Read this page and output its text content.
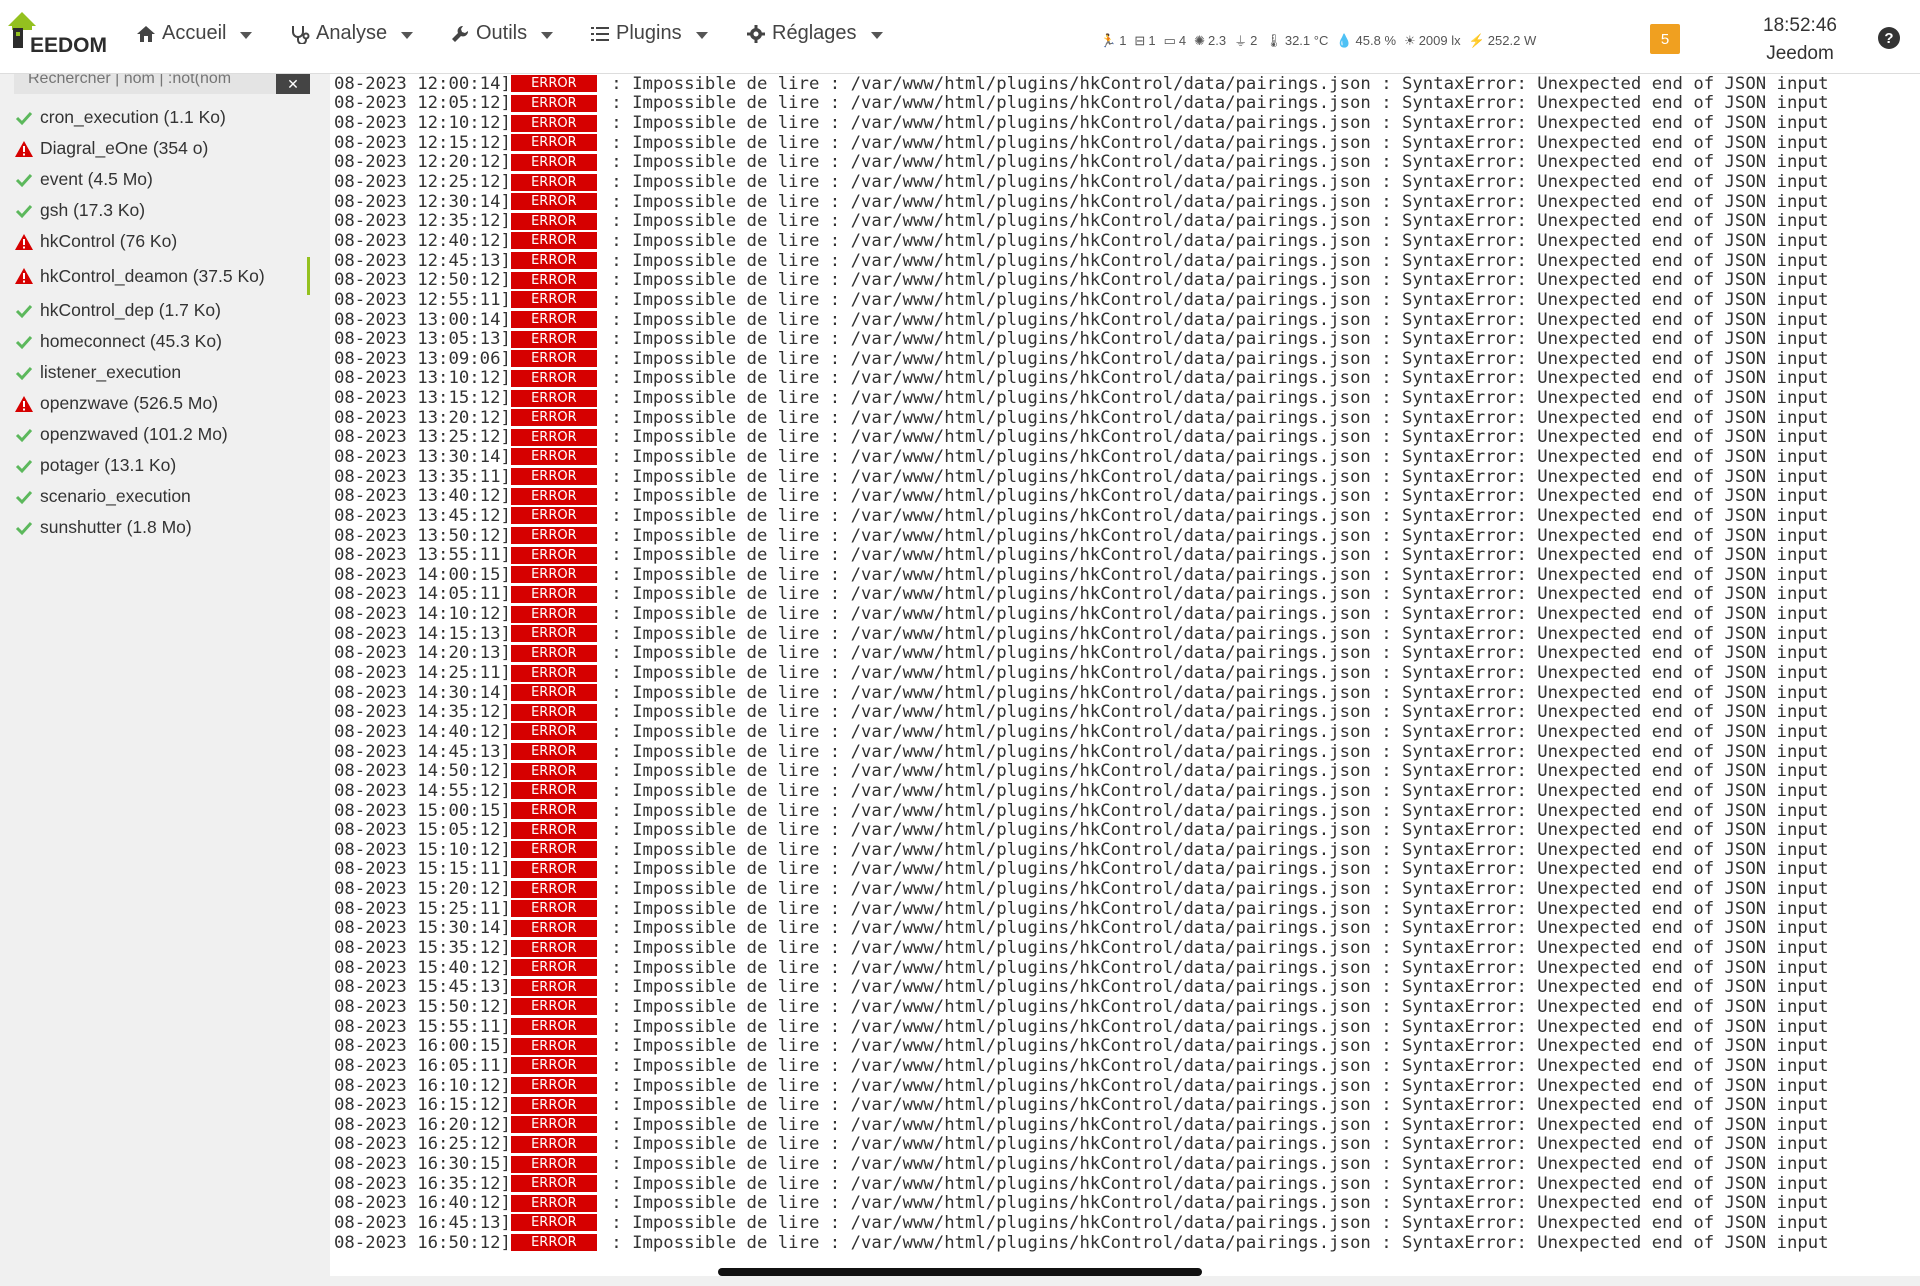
EEDOM
Accueil	Analyse	Outils	Plugins	Réglages	🏃 1 ⊟ 1 ▭ 4 ✺ 2.3 ⏚ 2 🌡 32.1 °C 💧 45.8 % ☀ 2009 lx ⚡ 252.2 W	5
18:52:46
Jeedom
?
Rechercher | nom | :not(nom
✕
cron_execution (1.1 Ko)
Diagral_eOne (354 o)
event (4.5 Mo)
gsh (17.3 Ko)
hkControl (76 Ko)
hkControl_deamon (37.5 Ko)
hkControl_dep (1.7 Ko)
homeconnect (45.3 Ko)
listener_execution
openzwave (526.5 Mo)
openzwaved (101.2 Mo)
potager (13.1 Ko)
scenario_execution
sunshutter (1.8 Mo)
08-2023 12:00:14]	ERROR	: Impossible de lire : /var/www/html/plugins/hkControl/data/pairings.json : SyntaxError: Unexpected end of JSON input
08-2023 12:05:12]	ERROR	: Impossible de lire : /var/www/html/plugins/hkControl/data/pairings.json : SyntaxError: Unexpected end of JSON input
08-2023 12:10:12]	ERROR	: Impossible de lire : /var/www/html/plugins/hkControl/data/pairings.json : SyntaxError: Unexpected end of JSON input
08-2023 12:15:12]	ERROR	: Impossible de lire : /var/www/html/plugins/hkControl/data/pairings.json : SyntaxError: Unexpected end of JSON input
08-2023 12:20:12]	ERROR	: Impossible de lire : /var/www/html/plugins/hkControl/data/pairings.json : SyntaxError: Unexpected end of JSON input
08-2023 12:25:12]	ERROR	: Impossible de lire : /var/www/html/plugins/hkControl/data/pairings.json : SyntaxError: Unexpected end of JSON input
08-2023 12:30:14]	ERROR	: Impossible de lire : /var/www/html/plugins/hkControl/data/pairings.json : SyntaxError: Unexpected end of JSON input
08-2023 12:35:12]	ERROR	: Impossible de lire : /var/www/html/plugins/hkControl/data/pairings.json : SyntaxError: Unexpected end of JSON input
08-2023 12:40:12]	ERROR	: Impossible de lire : /var/www/html/plugins/hkControl/data/pairings.json : SyntaxError: Unexpected end of JSON input
08-2023 12:45:13]	ERROR	: Impossible de lire : /var/www/html/plugins/hkControl/data/pairings.json : SyntaxError: Unexpected end of JSON input
08-2023 12:50:12]	ERROR	: Impossible de lire : /var/www/html/plugins/hkControl/data/pairings.json : SyntaxError: Unexpected end of JSON input
08-2023 12:55:11]	ERROR	: Impossible de lire : /var/www/html/plugins/hkControl/data/pairings.json : SyntaxError: Unexpected end of JSON input
08-2023 13:00:14]	ERROR	: Impossible de lire : /var/www/html/plugins/hkControl/data/pairings.json : SyntaxError: Unexpected end of JSON input
08-2023 13:05:13]	ERROR	: Impossible de lire : /var/www/html/plugins/hkControl/data/pairings.json : SyntaxError: Unexpected end of JSON input
08-2023 13:09:06]	ERROR	: Impossible de lire : /var/www/html/plugins/hkControl/data/pairings.json : SyntaxError: Unexpected end of JSON input
08-2023 13:10:12]	ERROR	: Impossible de lire : /var/www/html/plugins/hkControl/data/pairings.json : SyntaxError: Unexpected end of JSON input
08-2023 13:15:12]	ERROR	: Impossible de lire : /var/www/html/plugins/hkControl/data/pairings.json : SyntaxError: Unexpected end of JSON input
08-2023 13:20:12]	ERROR	: Impossible de lire : /var/www/html/plugins/hkControl/data/pairings.json : SyntaxError: Unexpected end of JSON input
08-2023 13:25:12]	ERROR	: Impossible de lire : /var/www/html/plugins/hkControl/data/pairings.json : SyntaxError: Unexpected end of JSON input
08-2023 13:30:14]	ERROR	: Impossible de lire : /var/www/html/plugins/hkControl/data/pairings.json : SyntaxError: Unexpected end of JSON input
08-2023 13:35:11]	ERROR	: Impossible de lire : /var/www/html/plugins/hkControl/data/pairings.json : SyntaxError: Unexpected end of JSON input
08-2023 13:40:12]	ERROR	: Impossible de lire : /var/www/html/plugins/hkControl/data/pairings.json : SyntaxError: Unexpected end of JSON input
08-2023 13:45:12]	ERROR	: Impossible de lire : /var/www/html/plugins/hkControl/data/pairings.json : SyntaxError: Unexpected end of JSON input
08-2023 13:50:12]	ERROR	: Impossible de lire : /var/www/html/plugins/hkControl/data/pairings.json : SyntaxError: Unexpected end of JSON input
08-2023 13:55:11]	ERROR	: Impossible de lire : /var/www/html/plugins/hkControl/data/pairings.json : SyntaxError: Unexpected end of JSON input
08-2023 14:00:15]	ERROR	: Impossible de lire : /var/www/html/plugins/hkControl/data/pairings.json : SyntaxError: Unexpected end of JSON input
08-2023 14:05:11]	ERROR	: Impossible de lire : /var/www/html/plugins/hkControl/data/pairings.json : SyntaxError: Unexpected end of JSON input
08-2023 14:10:12]	ERROR	: Impossible de lire : /var/www/html/plugins/hkControl/data/pairings.json : SyntaxError: Unexpected end of JSON input
08-2023 14:15:13]	ERROR	: Impossible de lire : /var/www/html/plugins/hkControl/data/pairings.json : SyntaxError: Unexpected end of JSON input
08-2023 14:20:13]	ERROR	: Impossible de lire : /var/www/html/plugins/hkControl/data/pairings.json : SyntaxError: Unexpected end of JSON input
08-2023 14:25:11]	ERROR	: Impossible de lire : /var/www/html/plugins/hkControl/data/pairings.json : SyntaxError: Unexpected end of JSON input
08-2023 14:30:14]	ERROR	: Impossible de lire : /var/www/html/plugins/hkControl/data/pairings.json : SyntaxError: Unexpected end of JSON input
08-2023 14:35:12]	ERROR	: Impossible de lire : /var/www/html/plugins/hkControl/data/pairings.json : SyntaxError: Unexpected end of JSON input
08-2023 14:40:12]	ERROR	: Impossible de lire : /var/www/html/plugins/hkControl/data/pairings.json : SyntaxError: Unexpected end of JSON input
08-2023 14:45:13]	ERROR	: Impossible de lire : /var/www/html/plugins/hkControl/data/pairings.json : SyntaxError: Unexpected end of JSON input
08-2023 14:50:12]	ERROR	: Impossible de lire : /var/www/html/plugins/hkControl/data/pairings.json : SyntaxError: Unexpected end of JSON input
08-2023 14:55:12]	ERROR	: Impossible de lire : /var/www/html/plugins/hkControl/data/pairings.json : SyntaxError: Unexpected end of JSON input
08-2023 15:00:15]	ERROR	: Impossible de lire : /var/www/html/plugins/hkControl/data/pairings.json : SyntaxError: Unexpected end of JSON input
08-2023 15:05:12]	ERROR	: Impossible de lire : /var/www/html/plugins/hkControl/data/pairings.json : SyntaxError: Unexpected end of JSON input
08-2023 15:10:12]	ERROR	: Impossible de lire : /var/www/html/plugins/hkControl/data/pairings.json : SyntaxError: Unexpected end of JSON input
08-2023 15:15:11]	ERROR	: Impossible de lire : /var/www/html/plugins/hkControl/data/pairings.json : SyntaxError: Unexpected end of JSON input
08-2023 15:20:12]	ERROR	: Impossible de lire : /var/www/html/plugins/hkControl/data/pairings.json : SyntaxError: Unexpected end of JSON input
08-2023 15:25:11]	ERROR	: Impossible de lire : /var/www/html/plugins/hkControl/data/pairings.json : SyntaxError: Unexpected end of JSON input
08-2023 15:30:14]	ERROR	: Impossible de lire : /var/www/html/plugins/hkControl/data/pairings.json : SyntaxError: Unexpected end of JSON input
08-2023 15:35:12]	ERROR	: Impossible de lire : /var/www/html/plugins/hkControl/data/pairings.json : SyntaxError: Unexpected end of JSON input
08-2023 15:40:12]	ERROR	: Impossible de lire : /var/www/html/plugins/hkControl/data/pairings.json : SyntaxError: Unexpected end of JSON input
08-2023 15:45:13]	ERROR	: Impossible de lire : /var/www/html/plugins/hkControl/data/pairings.json : SyntaxError: Unexpected end of JSON input
08-2023 15:50:12]	ERROR	: Impossible de lire : /var/www/html/plugins/hkControl/data/pairings.json : SyntaxError: Unexpected end of JSON input
08-2023 15:55:11]	ERROR	: Impossible de lire : /var/www/html/plugins/hkControl/data/pairings.json : SyntaxError: Unexpected end of JSON input
08-2023 16:00:15]	ERROR	: Impossible de lire : /var/www/html/plugins/hkControl/data/pairings.json : SyntaxError: Unexpected end of JSON input
08-2023 16:05:11]	ERROR	: Impossible de lire : /var/www/html/plugins/hkControl/data/pairings.json : SyntaxError: Unexpected end of JSON input
08-2023 16:10:12]	ERROR	: Impossible de lire : /var/www/html/plugins/hkControl/data/pairings.json : SyntaxError: Unexpected end of JSON input
08-2023 16:15:12]	ERROR	: Impossible de lire : /var/www/html/plugins/hkControl/data/pairings.json : SyntaxError: Unexpected end of JSON input
08-2023 16:20:12]	ERROR	: Impossible de lire : /var/www/html/plugins/hkControl/data/pairings.json : SyntaxError: Unexpected end of JSON input
08-2023 16:25:12]	ERROR	: Impossible de lire : /var/www/html/plugins/hkControl/data/pairings.json : SyntaxError: Unexpected end of JSON input
08-2023 16:30:15]	ERROR	: Impossible de lire : /var/www/html/plugins/hkControl/data/pairings.json : SyntaxError: Unexpected end of JSON input
08-2023 16:35:12]	ERROR	: Impossible de lire : /var/www/html/plugins/hkControl/data/pairings.json : SyntaxError: Unexpected end of JSON input
08-2023 16:40:12]	ERROR	: Impossible de lire : /var/www/html/plugins/hkControl/data/pairings.json : SyntaxError: Unexpected end of JSON input
08-2023 16:45:13]	ERROR	: Impossible de lire : /var/www/html/plugins/hkControl/data/pairings.json : SyntaxError: Unexpected end of JSON input
08-2023 16:50:12]	ERROR	: Impossible de lire : /var/www/html/plugins/hkControl/data/pairings.json : SyntaxError: Unexpected end of JSON input
